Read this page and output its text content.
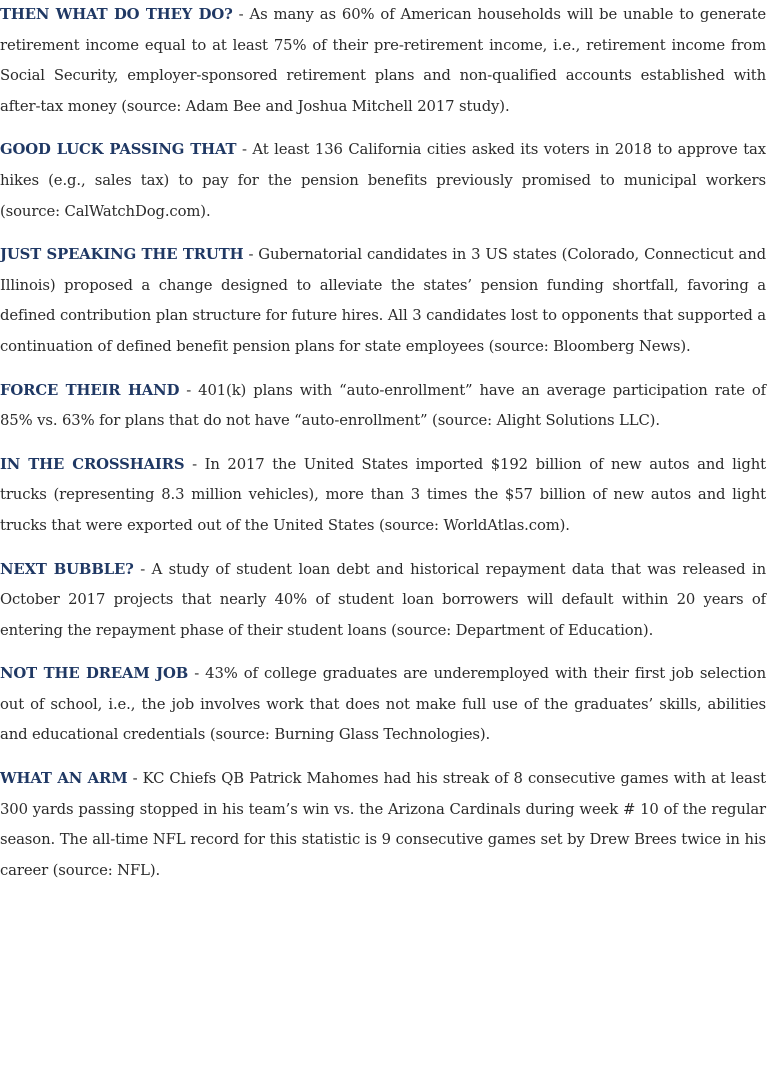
THEN WHAT DO THEY DO? - As many as 60% of American households will be unable to generate retirement income equal to at least 75% of their pre-retirement income, i.e., retirement income from Social Security, employer-sponsored retirement plans and non-qualified accounts established with after-tax money (source: Adam Bee and Joshua Mitchell 2017 study).

GOOD LUCK PASSING THAT - At least 136 California cities asked its voters in 2018 to approve tax hikes (e.g., sales tax) to pay for the pension benefits previously promised to municipal workers (source: CalWatchDog.com).

JUST SPEAKING THE TRUTH - Gubernatorial candidates in 3 US states (Colorado, Connecticut and Illinois) proposed a change designed to alleviate the states’ pension funding shortfall, favoring a defined contribution plan structure for future hires. All 3 candidates lost to opponents that supported a continuation of defined benefit pension plans for state employees (source: Bloomberg News).

FORCE THEIR HAND - 401(k) plans with “auto-enrollment” have an average participation rate of 85% vs. 63% for plans that do not have “auto-enrollment” (source: Alight Solutions LLC).

IN THE CROSSHAIRS - In 2017 the United States imported $192 billion of new autos and light trucks (representing 8.3 million vehicles), more than 3 times the $57 billion of new autos and light trucks that were exported out of the United States (source: WorldAtlas.com).

NEXT BUBBLE? - A study of student loan debt and historical repayment data that was released in October 2017 projects that nearly 40% of student loan borrowers will default within 20 years of entering the repayment phase of their student loans (source: Department of Education).

NOT THE DREAM JOB - 43% of college graduates are underemployed with their first job selection out of school, i.e., the job involves work that does not make full use of the graduates’ skills, abilities and educational credentials (source: Burning Glass Technologies).

WHAT AN ARM - KC Chiefs QB Patrick Mahomes had his streak of 8 consecutive games with at least 300 yards passing stopped in his team’s win vs. the Arizona Cardinals during week # 10 of the regular season. The all-time NFL record for this statistic is 9 consecutive games set by Drew Brees twice in his career (source: NFL).
